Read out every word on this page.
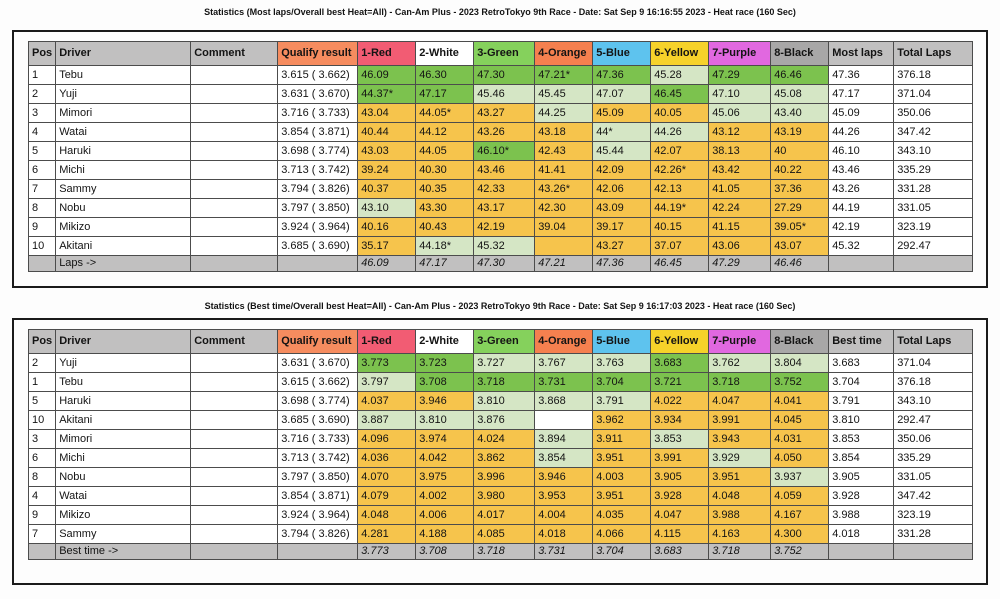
Statistics (Most laps/Overall best Heat=All) - Can-Am Plus - 2023 RetroTokyo 9th Race - Date: Sat Sep 9 16:16:55 2023 - Heat race (160 Sec)
Pos	Driver	Comment	Qualify result	1-Red	2-White	3-Green	4-Orange	5-Blue	6-Yellow	7-Purple	8-Black	Most laps	Total Laps
1	Tebu		3.615 ( 3.662)	46.09	46.30	47.30	47.21*	47.36	45.28	47.29	46.46	47.36	376.18
2	Yuji		3.631 ( 3.670)	44.37*	47.17	45.46	45.45	47.07	46.45	47.10	45.08	47.17	371.04
3	Mimori		3.716 ( 3.733)	43.04	44.05*	43.27	44.25	45.09	40.05	45.06	43.40	45.09	350.06
4	Watai		3.854 ( 3.871)	40.44	44.12	43.26	43.18	44*	44.26	43.12	43.19	44.26	347.42
5	Haruki		3.698 ( 3.774)	43.03	44.05	46.10*	42.43	45.44	42.07	38.13	40	46.10	343.10
6	Michi		3.713 ( 3.742)	39.24	40.30	43.46	41.41	42.09	42.26*	43.42	40.22	43.46	335.29
7	Sammy		3.794 ( 3.826)	40.37	40.35	42.33	43.26*	42.06	42.13	41.05	37.36	43.26	331.28
8	Nobu		3.797 ( 3.850)	43.10	43.30	43.17	42.30	43.09	44.19*	42.24	27.29	44.19	331.05
9	Mikizo		3.924 ( 3.964)	40.16	40.43	42.19	39.04	39.17	40.15	41.15	39.05*	42.19	323.19
10	Akitani		3.685 ( 3.690)	35.17	44.18*	45.32		43.27	37.07	43.06	43.07	45.32	292.47
	Laps ->			46.09	47.17	47.30	47.21	47.36	46.45	47.29	46.46		
Statistics (Best time/Overall best Heat=All) - Can-Am Plus - 2023 RetroTokyo 9th Race - Date: Sat Sep 9 16:17:03 2023 - Heat race (160 Sec)
Pos	Driver	Comment	Qualify result	1-Red	2-White	3-Green	4-Orange	5-Blue	6-Yellow	7-Purple	8-Black	Best time	Total Laps
2	Yuji		3.631 ( 3.670)	3.773	3.723	3.727	3.767	3.763	3.683	3.762	3.804	3.683	371.04
1	Tebu		3.615 ( 3.662)	3.797	3.708	3.718	3.731	3.704	3.721	3.718	3.752	3.704	376.18
5	Haruki		3.698 ( 3.774)	4.037	3.946	3.810	3.868	3.791	4.022	4.047	4.041	3.791	343.10
10	Akitani		3.685 ( 3.690)	3.887	3.810	3.876		3.962	3.934	3.991	4.045	3.810	292.47
3	Mimori		3.716 ( 3.733)	4.096	3.974	4.024	3.894	3.911	3.853	3.943	4.031	3.853	350.06
6	Michi		3.713 ( 3.742)	4.036	4.042	3.862	3.854	3.951	3.991	3.929	4.050	3.854	335.29
8	Nobu		3.797 ( 3.850)	4.070	3.975	3.996	3.946	4.003	3.905	3.951	3.937	3.905	331.05
4	Watai		3.854 ( 3.871)	4.079	4.002	3.980	3.953	3.951	3.928	4.048	4.059	3.928	347.42
9	Mikizo		3.924 ( 3.964)	4.048	4.006	4.017	4.004	4.035	4.047	3.988	4.167	3.988	323.19
7	Sammy		3.794 ( 3.826)	4.281	4.188	4.085	4.018	4.066	4.115	4.163	4.300	4.018	331.28
	Best time ->			3.773	3.708	3.718	3.731	3.704	3.683	3.718	3.752		
